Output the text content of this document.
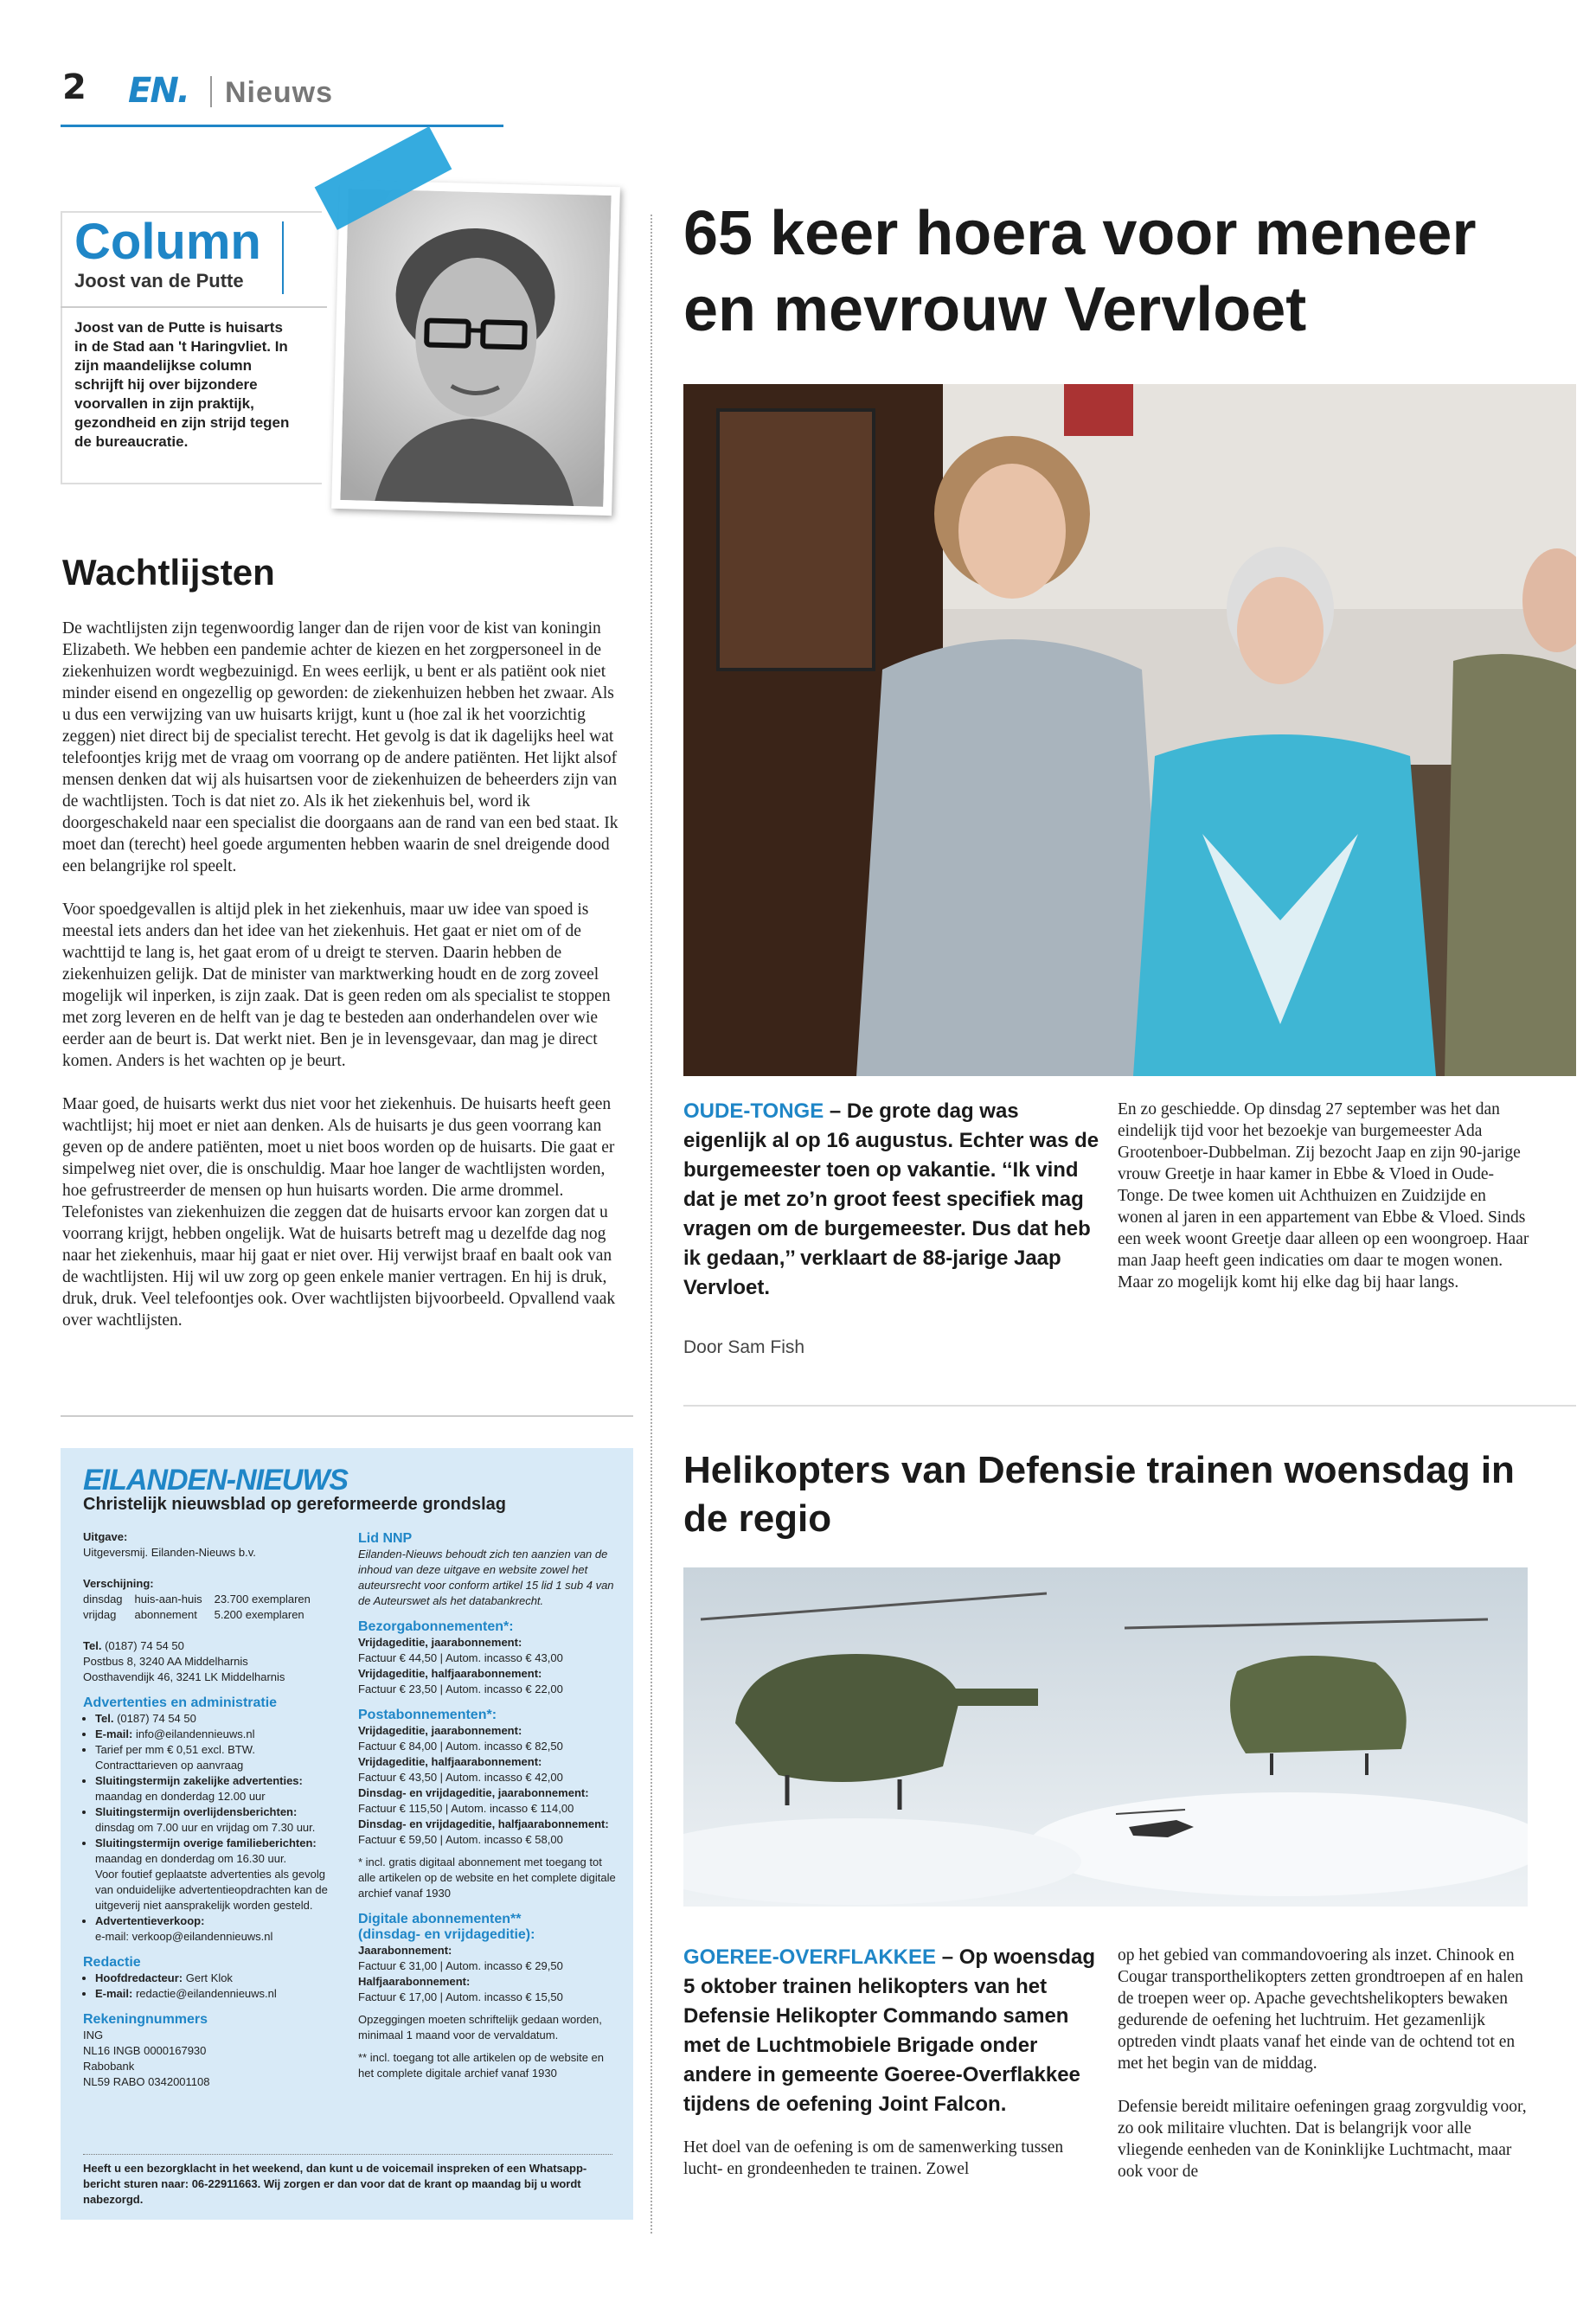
2 EN. Nieuws
Column
Joost van de Putte
Joost van de Putte is huisarts in de Stad aan 't Haringvliet. In zijn maandelijkse column schrijft hij over bijzondere voorvallen in zijn praktijk, gezondheid en zijn strijd tegen de bureaucratie.
Wachtlijsten

De wachtlijsten zijn tegenwoordig langer dan de rijen voor de kist van koningin Elizabeth. We hebben een pandemie achter de kiezen en het zorgpersoneel in de ziekenhuizen wordt wegbezuinigd. En wees eerlijk, u bent er als patiënt ook niet minder eisend en ongezellig op geworden: de ziekenhuizen hebben het zwaar. Als u dus een verwijzing van uw huisarts krijgt, kunt u (hoe zal ik het voorzichtig zeggen) niet direct bij de specialist terecht. Het gevolg is dat ik dagelijks heel wat telefoontjes krijg met de vraag om voorrang op de andere patiënten. Het lijkt alsof mensen denken dat wij als huisartsen voor de ziekenhuizen de beheerders zijn van de wachtlijsten. Toch is dat niet zo. Als ik het ziekenhuis bel, word ik doorgeschakeld naar een specialist die doorgaans aan de rand van een bed staat. Ik moet dan (terecht) heel goede argumenten hebben waarin de snel dreigende dood een belangrijke rol speelt.

Voor spoedgevallen is altijd plek in het ziekenhuis, maar uw idee van spoed is meestal iets anders dan het idee van het ziekenhuis. Het gaat er niet om of de wachttijd te lang is, het gaat erom of u dreigt te sterven. Daarin hebben de ziekenhuizen gelijk. Dat de minister van marktwerking houdt en de zorg zoveel mogelijk wil inperken, is zijn zaak. Dat is geen reden om als specialist te stoppen met zorg leveren en de helft van je dag te besteden aan onderhandelen over wie eerder aan de beurt is. Dat werkt niet. Ben je in levensgevaar, dan mag je direct komen. Anders is het wachten op je beurt.

Maar goed, de huisarts werkt dus niet voor het ziekenhuis. De huisarts heeft geen wachtlijst; hij moet er niet aan denken. Als de huisarts je dus geen voorrang kan geven op de andere patiënten, moet u niet boos worden op de huisarts. Die gaat er simpelweg niet over, die is onschuldig. Maar hoe langer de wachtlijsten worden, hoe gefrustreerder de mensen op hun huisarts worden. Die arme drommel. Telefonistes van ziekenhuizen die zeggen dat de huisarts ervoor kan zorgen dat u voorrang krijgt, hebben ongelijk. Wat de huisarts betreft mag u dezelfde dag nog naar het ziekenhuis, maar hij gaat er niet over. Hij verwijst braaf en baalt ook van de wachtlijsten. Hij wil uw zorg op geen enkele manier vertragen. En hij is druk, druk, druk. Veel telefoontjes ook. Over wachtlijsten bijvoorbeeld. Opvallend vaak over wachtlijsten.

65 keer hoera voor meneer en mevrouw Vervloet
OUDE-TONGE – De grote dag was eigenlijk al op 16 augustus. Echter was de burgemeester toen op vakantie. ‘‘Ik vind dat je met zo’n groot feest specifiek mag vragen om de burgemeester. Dus dat heb ik gedaan,’’ verklaart de 88-jarige Jaap Vervloet.
Door Sam Fish
En zo geschiedde. Op dinsdag 27 september was het dan eindelijk tijd voor het bezoekje van burgemeester Ada Grootenboer-Dubbelman. Zij bezocht Jaap en zijn 90-jarige vrouw Greetje in haar kamer in Ebbe & Vloed in Oude-Tonge. De twee komen uit Achthuizen en Zuidzijde en wonen al jaren in een appartement van Ebbe & Vloed. Sinds een week woont Greetje daar alleen op een woongroep. Haar man Jaap heeft geen indicaties om daar te mogen wonen. Maar zo mogelijk komt hij elke dag bij haar langs.
Helikopters van Defensie trainen woensdag in de regio
GOEREE-OVERFLAKKEE – Op woensdag 5 oktober trainen helikopters van het Defensie Helikopter Commando samen met de Luchtmobiele Brigade onder andere in gemeente Goeree-Overflakkee tijdens de oefening Joint Falcon.
Het doel van de oefening is om de samenwerking tussen lucht- en grondeenheden te trainen. Zowel

op het gebied van commandovoering als inzet. Chinook en Cougar transporthelikopters zetten grondtroepen af en halen de troepen weer op. Apache gevechtshelikopters bewaken gedurende de oefening het luchtruim. Het gezamenlijk optreden vindt plaats vanaf het einde van de ochtend tot en met het begin van de middag.

Defensie bereidt militaire oefeningen graag zorgvuldig voor, zo ook militaire vluchten. Dat is belangrijk voor alle vliegende eenheden van de Koninklijke Luchtmacht, maar ook voor de

EILANDEN-NIEUWS
Christelijk nieuwsblad op gereformeerde grondslag
Uitgave:
Uitgeversmij. Eilanden-Nieuws b.v.

Verschijning:
dinsdag	huis-aan-huis	23.700 exemplaren
vrijdag	abonnement	5.200 exemplaren

Tel. (0187) 74 54 50
Postbus 8, 3240 AA Middelharnis
Oosthavendijk 46, 3241 LK Middelharnis
Advertenties en administratie
• Tel. (0187) 74 54 50
• E-mail: info@eilandennieuws.nl
• Tarief per mm € 0,51 excl. BTW.
Contracttarieven op aanvraag
• Sluitingstermijn zakelijke advertenties:
maandag en donderdag 12.00 uur
• Sluitingstermijn overlijdensberichten:
dinsdag om 7.00 uur en vrijdag om 7.30 uur.
• Sluitingstermijn overige familieberichten:
maandag en donderdag om 16.30 uur.
Voor foutief geplaatste advertenties als gevolg van onduidelijke advertentieopdrachten kan de uitgeverij niet aansprakelijk worden gesteld.
• Advertentieverkoop:
e-mail: verkoop@eilandennieuws.nl
Redactie
• Hoofdredacteur: Gert Klok
• E-mail: redactie@eilandennieuws.nl
Rekeningnummers
ING
NL16 INGB 0000167930
Rabobank
NL59 RABO 0342001108
Lid NNP
Eilanden-Nieuws behoudt zich ten aanzien van de inhoud van deze uitgave en website zowel het auteursrecht voor conform artikel 15 lid 1 sub 4 van de Auteurswet als het databankrecht.
Bezorgabonnementen*:
Vrijdageditie, jaarabonnement:
Factuur € 44,50 | Autom. incasso € 43,00
Vrijdageditie, halfjaarabonnement:
Factuur € 23,50 | Autom. incasso € 22,00
Postabonnementen*:
Vrijdageditie, jaarabonnement:
Factuur € 84,00 | Autom. incasso € 82,50
Vrijdageditie, halfjaarabonnement:
Factuur € 43,50 | Autom. incasso € 42,00
Dinsdag- en vrijdageditie, jaarabonnement:
Factuur € 115,50 | Autom. incasso € 114,00
Dinsdag- en vrijdageditie, halfjaarabonnement:
Factuur € 59,50 | Autom. incasso € 58,00

* incl. gratis digitaal abonnement met toegang tot alle artikelen op de website en het complete digitale archief vanaf 1930
Digitale abonnementen**
(dinsdag- en vrijdageditie):
Jaarabonnement:
Factuur € 31,00 | Autom. incasso € 29,50
Halfjaarabonnement:
Factuur € 17,00 | Autom. incasso € 15,50

Opzeggingen moeten schriftelijk gedaan worden, minimaal 1 maand voor de vervaldatum.
** incl. toegang tot alle artikelen op de website en het complete digitale archief vanaf 1930
Heeft u een bezorgklacht in het weekend, dan kunt u de voicemail inspreken of een Whatsapp-bericht sturen naar: 06-22911663. Wij zorgen er dan voor dat de krant op maandag bij u wordt nabezorgd.
